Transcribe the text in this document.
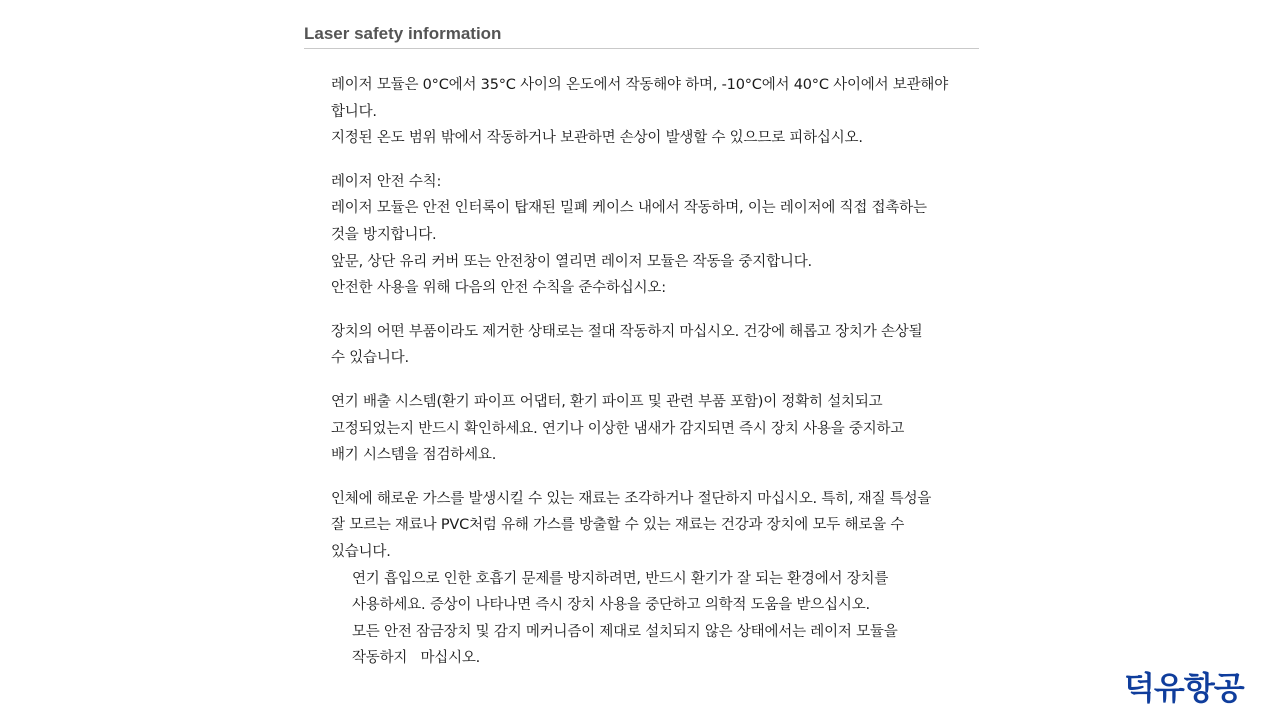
Laser safety information

레이저 모듈은 0°C에서 35°C 사이의 온도에서 작동해야 하며, -10°C에서 40°C 사이에서 보관해야
합니다.
지정된 온도 범위 밖에서 작동하거나 보관하면 손상이 발생할 수 있으므로 피하십시오.

레이저 안전 수칙:
레이저 모듈은 안전 인터록이 탑재된 밀폐 케이스 내에서 작동하며, 이는 레이저에 직접 접촉하는
것을 방지합니다.
앞문, 상단 유리 커버 또는 안전창이 열리면 레이저 모듈은 작동을 중지합니다.
안전한 사용을 위해 다음의 안전 수칙을 준수하십시오:

장치의 어떤 부품이라도 제거한 상태로는 절대 작동하지 마십시오. 건강에 해롭고 장치가 손상될
수 있습니다.

연기 배출 시스템(환기 파이프 어댑터, 환기 파이프 및 관련 부품 포함)이 정확히 설치되고
고정되었는지 반드시 확인하세요. 연기나 이상한 냄새가 감지되면 즉시 장치 사용을 중지하고
배기 시스템을 점검하세요.

인체에 해로운 가스를 발생시킬 수 있는 재료는 조각하거나 절단하지 마십시오. 특히, 재질 특성을
잘 모르는 재료나 PVC처럼 유해 가스를 방출할 수 있는 재료는 건강과 장치에 모두 해로울 수
있습니다.

연기 흡입으로 인한 호흡기 문제를 방지하려면, 반드시 환기가 잘 되는 환경에서 장치를
사용하세요. 증상이 나타나면 즉시 장치 사용을 중단하고 의학적 도움을 받으십시오.
모든 안전 잠금장치 및 감지 메커니즘이 제대로 설치되지 않은 상태에서는 레이저 모듈을
작동하지   마십시오.
덕유항공
